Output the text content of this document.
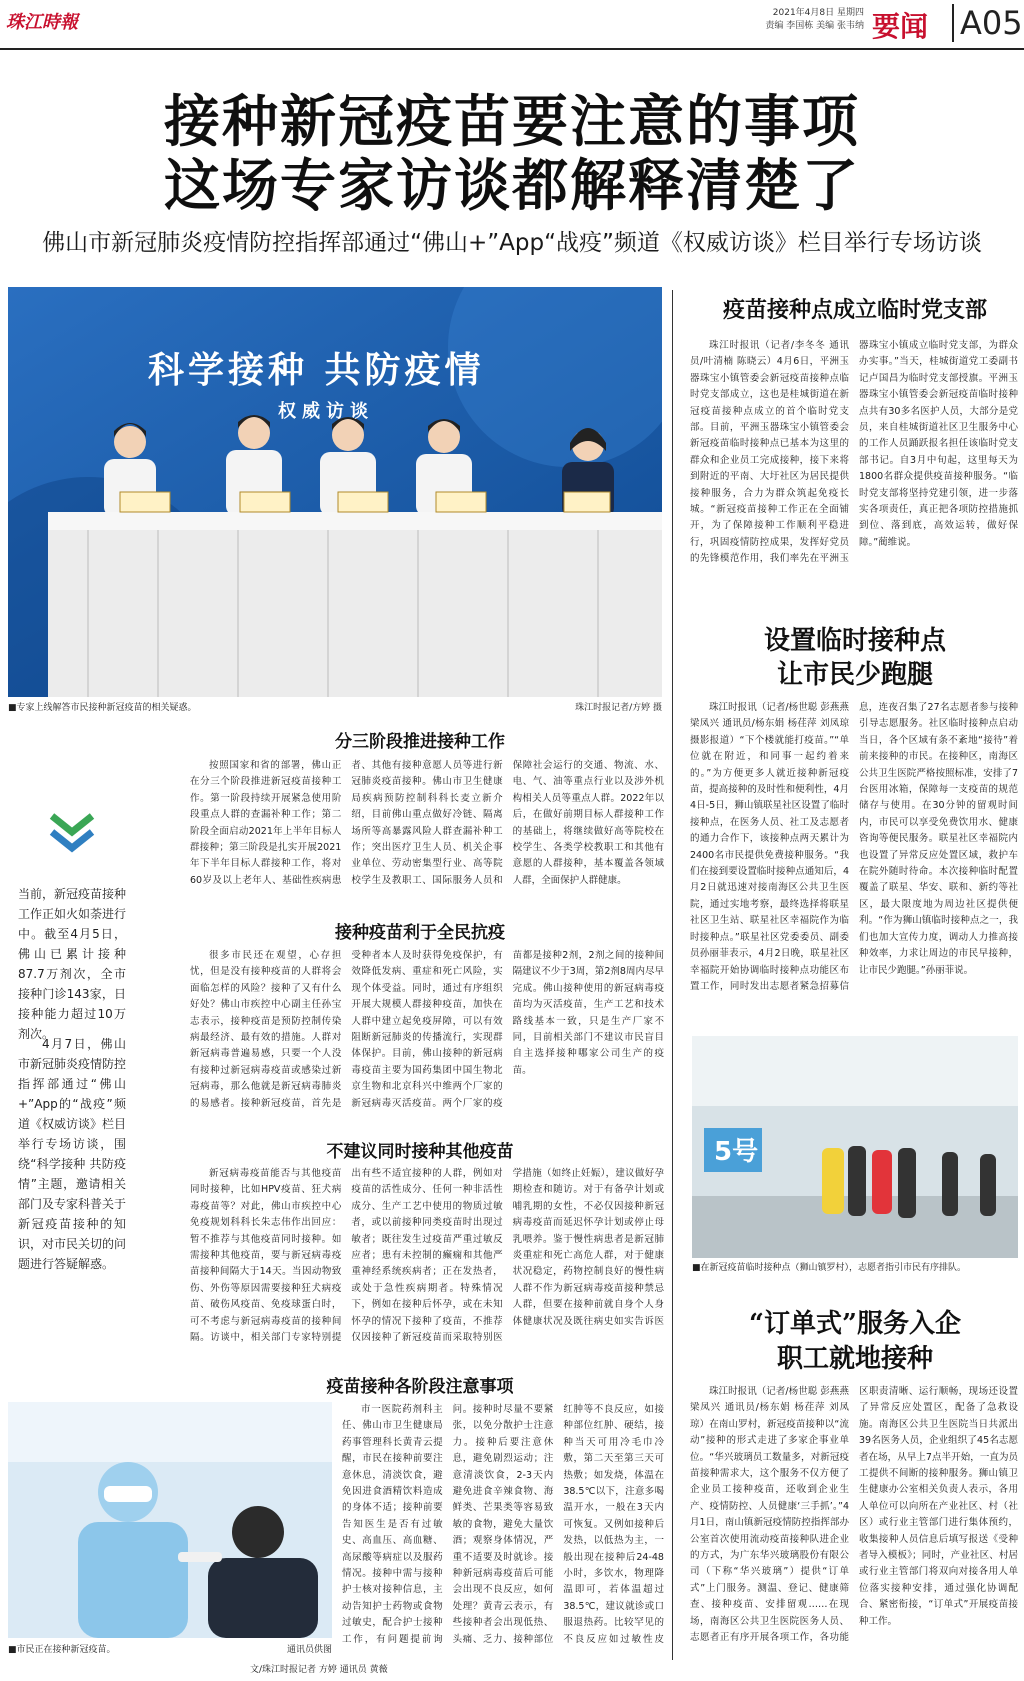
珠江時報	2021年4月8日 星期四
责编 李国栋 美编 张韦纳 要闻 A05
接种新冠疫苗要注意的事项
这场专家访谈都解释清楚了
佛山市新冠肺炎疫情防控指挥部通过“佛山+”App“战疫”频道《权威访谈》栏目举行专场访谈
科学接种 共防疫情
权威访谈
■专家上线解答市民接种新冠疫苗的相关疑惑。	珠江时报记者/方婷 摄
当前，新冠疫苗接种工作正如火如荼进行中。截至4月5日，佛山已累计接种87.7万剂次，全市接种门诊143家，日接种能力超过10万剂次。
4月7日，佛山市新冠肺炎疫情防控指挥部通过“佛山+”App的“战疫”频道《权威访谈》栏目举行专场访谈，围绕“科学接种 共防疫情”主题，邀请相关部门及专家科普关于新冠疫苗接种的知识，对市民关切的问题进行答疑解惑。
分三阶段推进接种工作
按照国家和省的部署，佛山正在分三个阶段推进新冠疫苗接种工作。第一阶段持续开展紧急使用阶段重点人群的查漏补种工作；第二阶段全面启动2021年上半年目标人群接种；第三阶段是扎实开展2021年下半年目标人群接种工作，将对60岁及以上老年人、基础性疾病患者、其他有接种意愿人员等进行新冠肺炎疫苗接种。佛山市卫生健康局疾病预防控制科科长麦立新介绍，目前佛山重点做好冷链、隔离场所等高暴露风险人群查漏补种工作；突出医疗卫生人员、机关企事业单位、劳动密集型行业、高等院校学生及教职工、国际服务人员和保障社会运行的交通、物流、水、电、气、油等重点行业以及涉外机构相关人员等重点人群。2022年以后，在做好前期目标人群接种工作的基础上，将继续做好高等院校在校学生、各类学校教职工和其他有意愿的人群接种，基本覆盖各领域人群，全面保护人群健康。
接种疫苗利于全民抗疫
很多市民还在观望，心存担忧，但是没有接种疫苗的人群将会面临怎样的风险？接种了又有什么好处？佛山市疾控中心副主任孙宝志表示，接种疫苗是预防控制传染病最经济、最有效的措施。人群对新冠病毒普遍易感，只要一个人没有接种过新冠病毒疫苗或感染过新冠病毒，那么他就是新冠病毒肺炎的易感者。接种新冠疫苗，首先是受种者本人及时获得免疫保护，有效降低发病、重症和死亡风险，实现个体受益。同时，通过有序组织开展大规模人群接种疫苗，加快在人群中建立起免疫屏障，可以有效阻断新冠肺炎的传播流行，实现群体保护。目前，佛山接种的新冠病毒疫苗主要为国药集团中国生物北京生物和北京科兴中维两个厂家的新冠病毒灭活疫苗。两个厂家的疫苗都是接种2剂，2剂之间的接种间隔建议不少于3周，第2剂8周内尽早完成。佛山接种使用的新冠病毒疫苗均为灭活疫苗，生产工艺和技术路线基本一致，只是生产厂家不同，目前相关部门不建议市民盲目自主选择接种哪家公司生产的疫苗。
不建议同时接种其他疫苗
新冠病毒疫苗能否与其他疫苗同时接种，比如HPV疫苗、狂犬病毒疫苗等？对此，佛山市疾控中心免疫规划科科长朱志伟作出回应：暂不推荐与其他疫苗同时接种。如需接种其他疫苗，要与新冠病毒疫苗接种间隔大于14天。当因动物致伤、外伤等原因需要接种狂犬病疫苗、破伤风疫苗、免疫球蛋白时，可不考虑与新冠病毒疫苗的接种间隔。访谈中，相关部门专家特别提出有些不适宜接种的人群，例如对疫苗的活性成分、任何一种非活性成分、生产工艺中使用的物质过敏者，或以前接种同类疫苗时出现过敏者；既往发生过疫苗严重过敏反应者；患有未控制的癫痫和其他严重神经系统疾病者；正在发热者，或处于急性疾病期者。特殊情况下，例如在接种后怀孕，或在未知怀孕的情况下接种了疫苗，不推荐仅因接种了新冠疫苗而采取特别医学措施（如终止妊娠），建议做好孕期检查和随访。对于有备孕计划或哺乳期的女性，不必仅因接种新冠病毒疫苗而延迟怀孕计划或停止母乳喂养。鉴于慢性病患者是新冠肺炎重症和死亡高危人群，对于健康状况稳定，药物控制良好的慢性病人群不作为新冠病毒疫苗接种禁忌人群，但要在接种前就自身个人身体健康状况及既往病史如实告诉医
疫苗接种各阶段注意事项
■市民正在接种新冠疫苗。	通讯员供图
市一医院药剂科主任、佛山市卫生健康局药事管理科长黄青云提醒，市民在接种前要注意休息，清淡饮食，避免因进食酒精饮料造成的身体不适；接种前要告知医生是否有过敏史、高血压、高血糖、高尿酸等病症以及服药情况。接种中需与接种护士核对接种信息，主动告知护士药物或食物过敏史，配合护士接种工作，有问题提前询问。接种时尽量不要紧张，以免分散护士注意力。接种后要注意休息，避免剧烈运动；注意清淡饮食，2-3天内避免进食辛辣食物、海鲜类、芒果类等容易致敏的食物，避免大量饮酒；观察身体情况，严重不适要及时就诊。接种新冠病毒疫苗后可能会出现不良反应，如何处理？黄青云表示，有些接种者会出现低热、头痛、乏力、接种部位红肿等不良反应，如接种部位红肿、硬结，接种当天可用冷毛巾冷敷，第二天至第三天可热敷；如发烧，体温在38.5℃以下，注意多喝温开水，一般在3天内可恢复。又例如接种后发热，以低热为主，一般出现在接种后24-48小时，多饮水，物理降温即可，若体温超过38.5℃，建议就诊或口服退热药。比较罕见的不良反应如过敏性皮
文/珠江时报记者 方婷 通讯员 黄薇
疫苗接种点成立临时党支部
珠江时报讯（记者/李冬冬 通讯员/叶清楠 陈晓云）4月6日，平洲玉器珠宝小镇管委会新冠疫苗接种点临时党支部成立，这也是桂城街道在新冠疫苗接种点成立的首个临时党支部。目前，平洲玉器珠宝小镇管委会新冠疫苗临时接种点已基本为这里的群众和企业员工完成接种，接下来将到附近的平南、大圩社区为居民提供接种服务，合力为群众筑起免疫长城。“新冠疫苗接种工作正在全面铺开，为了保障接种工作顺利平稳进行，巩固疫情防控成果，发挥好党员的先锋模范作用，我们率先在平洲玉器珠宝小镇成立临时党支部，为群众办实事。”当天，桂城街道党工委副书记卢国昌为临时党支部授旗。平洲玉器珠宝小镇管委会新冠疫苗临时接种点共有30多名医护人员，大部分是党员，来自桂城街道社区卫生服务中心的工作人员踊跃报名担任该临时党支部书记。自3月中旬起，这里每天为1800名群众提供疫苗接种服务。“临时党支部将坚持党建引领，进一步落实各项责任，真正把各项防控措施抓到位、落到底，高效运转，做好保障。”蔺维说。
设置临时接种点
让市民少跑腿
珠江时报讯（记者/杨世聪 彭燕燕 梁凤兴 通讯员/杨东娟 杨荏萍 刘凤琼 摄影报道）“下个楼就能打疫苗。”“单位就在附近，和同事一起约着来的。”为方便更多人就近接种新冠疫苗，提高接种的及时性和便利性，4月4日-5日，狮山镇联星社区设置了临时接种点，在医务人员、社工及志愿者的通力合作下，该接种点两天累计为2400名市民提供免费接种服务。“我们在接到要设置临时接种点通知后，4月2日就迅速对接南海区公共卫生医院，通过实地考察，最终选择将联星社区卫生站、联星社区幸福院作为临时接种点。”联星社区党委委员、副委员孙丽菲表示，4月2日晚，联星社区幸福院开始协调临时接种点功能区布置工作，同时发出志愿者紧急招募信息，连夜召集了27名志愿者参与接种引导志愿服务。社区临时接种点启动当日，各个区域有条不紊地“接待”着前来接种的市民。在接种区，南海区公共卫生医院严格按照标准，安排了7台医用冰箱，保障每一支疫苗的规范储存与使用。在30分钟的留观时间内，市民可以享受免费饮用水、健康咨询等便民服务。联星社区幸福院内也设置了异常反应处置区域，救护车在院外随时待命。本次接种临时配置覆盖了联星、华安、联和、新约等社区，最大限度地为周边社区提供便利。“作为狮山镇临时接种点之一，我们也加大宣传力度，调动人力推高接种效率，力求让周边的市民早接种，让市民少跑腿。”孙丽菲说。
5号
■在新冠疫苗临时接种点（狮山镇罗村），志愿者指引市民有序排队。
“订单式”服务入企
职工就地接种
珠江时报讯（记者/杨世聪 彭燕燕 梁凤兴 通讯员/杨东娟 杨荏萍 刘凤琼）在南山罗村，新冠疫苗接种以“流动”接种的形式走进了多家企事业单位。“华兴玻璃员工数量多，对新冠疫苗接种需求大，这个服务不仅方便了企业员工接种疫苗，还收到企业生产、疫情防控、人员健康‘三手抓’。”4月1日，南山镇新冠疫情防控指挥部办公室首次使用流动疫苗接种队进企业的方式，为广东华兴玻璃股份有限公司（下称“华兴玻璃”）提供“订单式”上门服务。测温、登记、健康筛查、接种疫苗、安排留观……在现场，南海区公共卫生医院医务人员、志愿者正有序开展各项工作，各功能区职责清晰、运行顺畅，现场还设置了异常反应处置区，配备了急救设施。南海区公共卫生医院当日共派出39名医务人员，企业组织了45名志愿者在场，从早上7点半开始，一直为员工提供不间断的接种服务。狮山镇卫生健康办公室相关负责人表示，各用人单位可以向所在产业社区、村（社区）或行业主管部门进行集体预约，收集接种人员信息后填写报送《受种者导入模板》；同时，产业社区、村居或行业主管部门将双向对接各用人单位落实接种安排，通过强化协调配合、紧密衔接，“订单式”开展疫苗接种工作。
